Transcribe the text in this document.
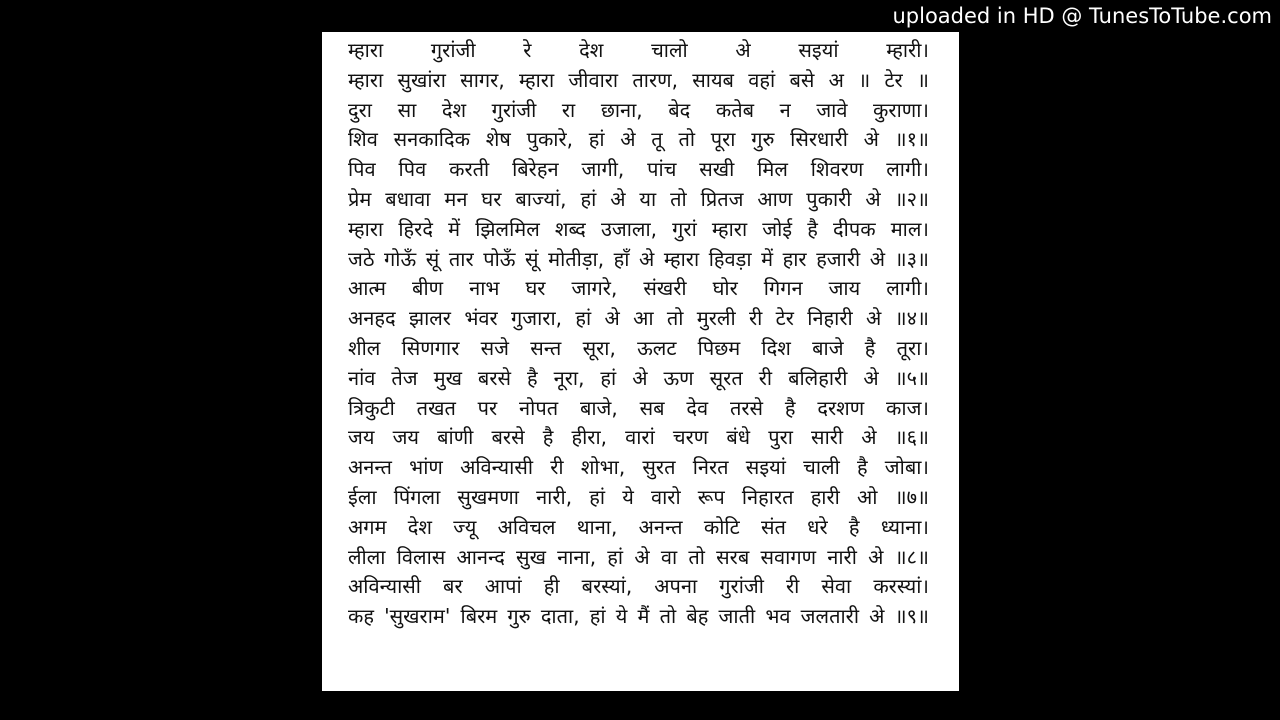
uploaded in HD @ TunesToTube.com
म्हारा गुरांजी रे देश चालो अे सइयां म्हारी।
म्हारा सुखांरा सागर, म्हारा जीवारा तारण, सायब वहां बसे अ ॥ टेर ॥
दुरा सा देश गुरांजी रा छाना, बेद कतेब न जावे कुराणा।
शिव सनकादिक शेष पुकारे, हां अे तू तो पूरा गुरु सिरधारी अे ॥१॥
पिव पिव करती बिरेहन जागी, पांच सखी मिल शिवरण लागी।
प्रेम बधावा मन घर बाज्यां, हां अे या तो प्रितज आण पुकारी अे ॥२॥
म्हारा हिरदे में झिलमिल शब्द उजाला, गुरां म्हारा जोई है दीपक माल।
जठे गोऊँ सूं तार पोऊँ सूं मोतीड़ा, हाँ अे म्हारा हिवड़ा में हार हजारी अे ॥३॥
आत्म बीण नाभ घर जागरे, संखरी घोर गिगन जाय लागी।
अनहद झालर भंवर गुजारा, हां अे आ तो मुरली री टेर निहारी अे ॥४॥
शील सिणगार सजे सन्त सूरा, ऊलट पिछम दिश बाजे है तूरा।
नांव तेज मुख बरसे है नूरा, हां अे ऊण सूरत री बलिहारी अे ॥५॥
त्रिकुटी तखत पर नोपत बाजे, सब देव तरसे है दरशण काज।
जय जय बांणी बरसे है हीरा, वारां चरण बंधे पुरा सारी अे ॥६॥
अनन्त भांण अविन्यासी री शोभा, सुरत निरत सइयां चाली है जोबा।
ईला पिंगला सुखमणा नारी, हां ये वारो रूप निहारत हारी ओ ॥७॥
अगम देश ज्यू अविचल थाना, अनन्त कोटि संत धरे है ध्याना।
लीला विलास आनन्द सुख नाना, हां अे वा तो सरब सवागण नारी अे ॥८॥
अविन्यासी बर आपां ही बरस्यां, अपना गुरांजी री सेवा करस्यां।
कह 'सुखराम' बिरम गुरु दाता, हां ये मैं तो बेह जाती भव जलतारी अे ॥९॥
